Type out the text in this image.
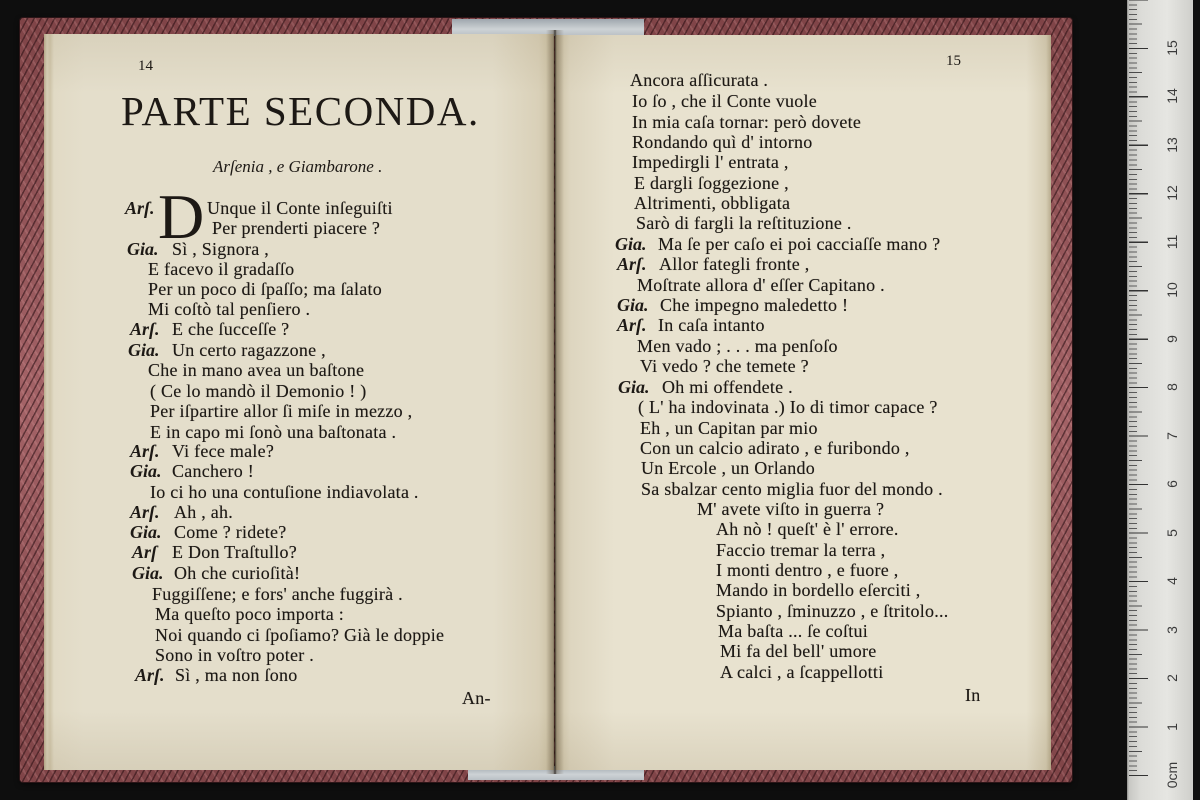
14
PARTE SECONDA.
Arſenia , e Giambarone .
D
Arſ.	Unque il Conte inſeguiſti
Per prenderti piacere ?
Gia. Sì , Signora ,
E facevo il gradaſſo
Per un poco di ſpaſſo; ma ſalato
Mi coſtò tal penſiero .
Arſ. E che ſucceſſe ?
Gia. Un certo ragazzone ,
Che in mano avea un baſtone
( Ce lo mandò il Demonio ! )
Per iſpartire allor ſi miſe in mezzo ,
E in capo mi ſonò una baſtonata .
Arſ. Vi fece male?
Gia. Canchero !
Io ci ho una contuſione indiavolata .
Arſ. Ah , ah.
Gia. Come ? ridete?
Arſ E Don Traſtullo?
Gia. Oh che curioſità!
Fuggiſſene; e fors' anche fuggirà .
Ma queſto poco importa :
Noi quando ci ſpoſiamo? Già le doppie
Sono in voſtro poter .
Arſ. Sì , ma non ſono
An-
15
Ancora aſſicurata .
Io ſo , che il Conte vuole
In mia caſa tornar: però dovete
Rondando quì d' intorno
Impedirgli l' entrata ,
E dargli ſoggezione ,
Altrimenti, obbligata
Sarò di fargli la reſtituzione .
Gia. Ma ſe per caſo ei poi cacciaſſe mano ?
Arſ. Allor fategli fronte ,
Moſtrate allora d' eſſer Capitano .
Gia. Che impegno maledetto !
Arſ. In caſa intanto
Men vado ; . . . ma penſoſo
Vi vedo ? che temete ?
Gia. Oh mi offendete .
( L' ha indovinata .) Io di timor capace ?
Eh , un Capitan par mio
Con un calcio adirato , e furibondo ,
Un Ercole , un Orlando
Sa sbalzar cento miglia fuor del mondo .
M' avete viſto in guerra ?
Ah nò ! queſt' è l' errore.
Faccio tremar la terra ,
I monti dentro , e fuore ,
Mando in bordello eſerciti ,
Spianto , ſminuzzo , e ſtritolo...
Ma baſta ... ſe coſtui
Mi fa del bell' umore
A calci , a ſcappellotti
In
0cm
1
2
3
4
5
6
7
8
9
10
11
12
13
14
15
